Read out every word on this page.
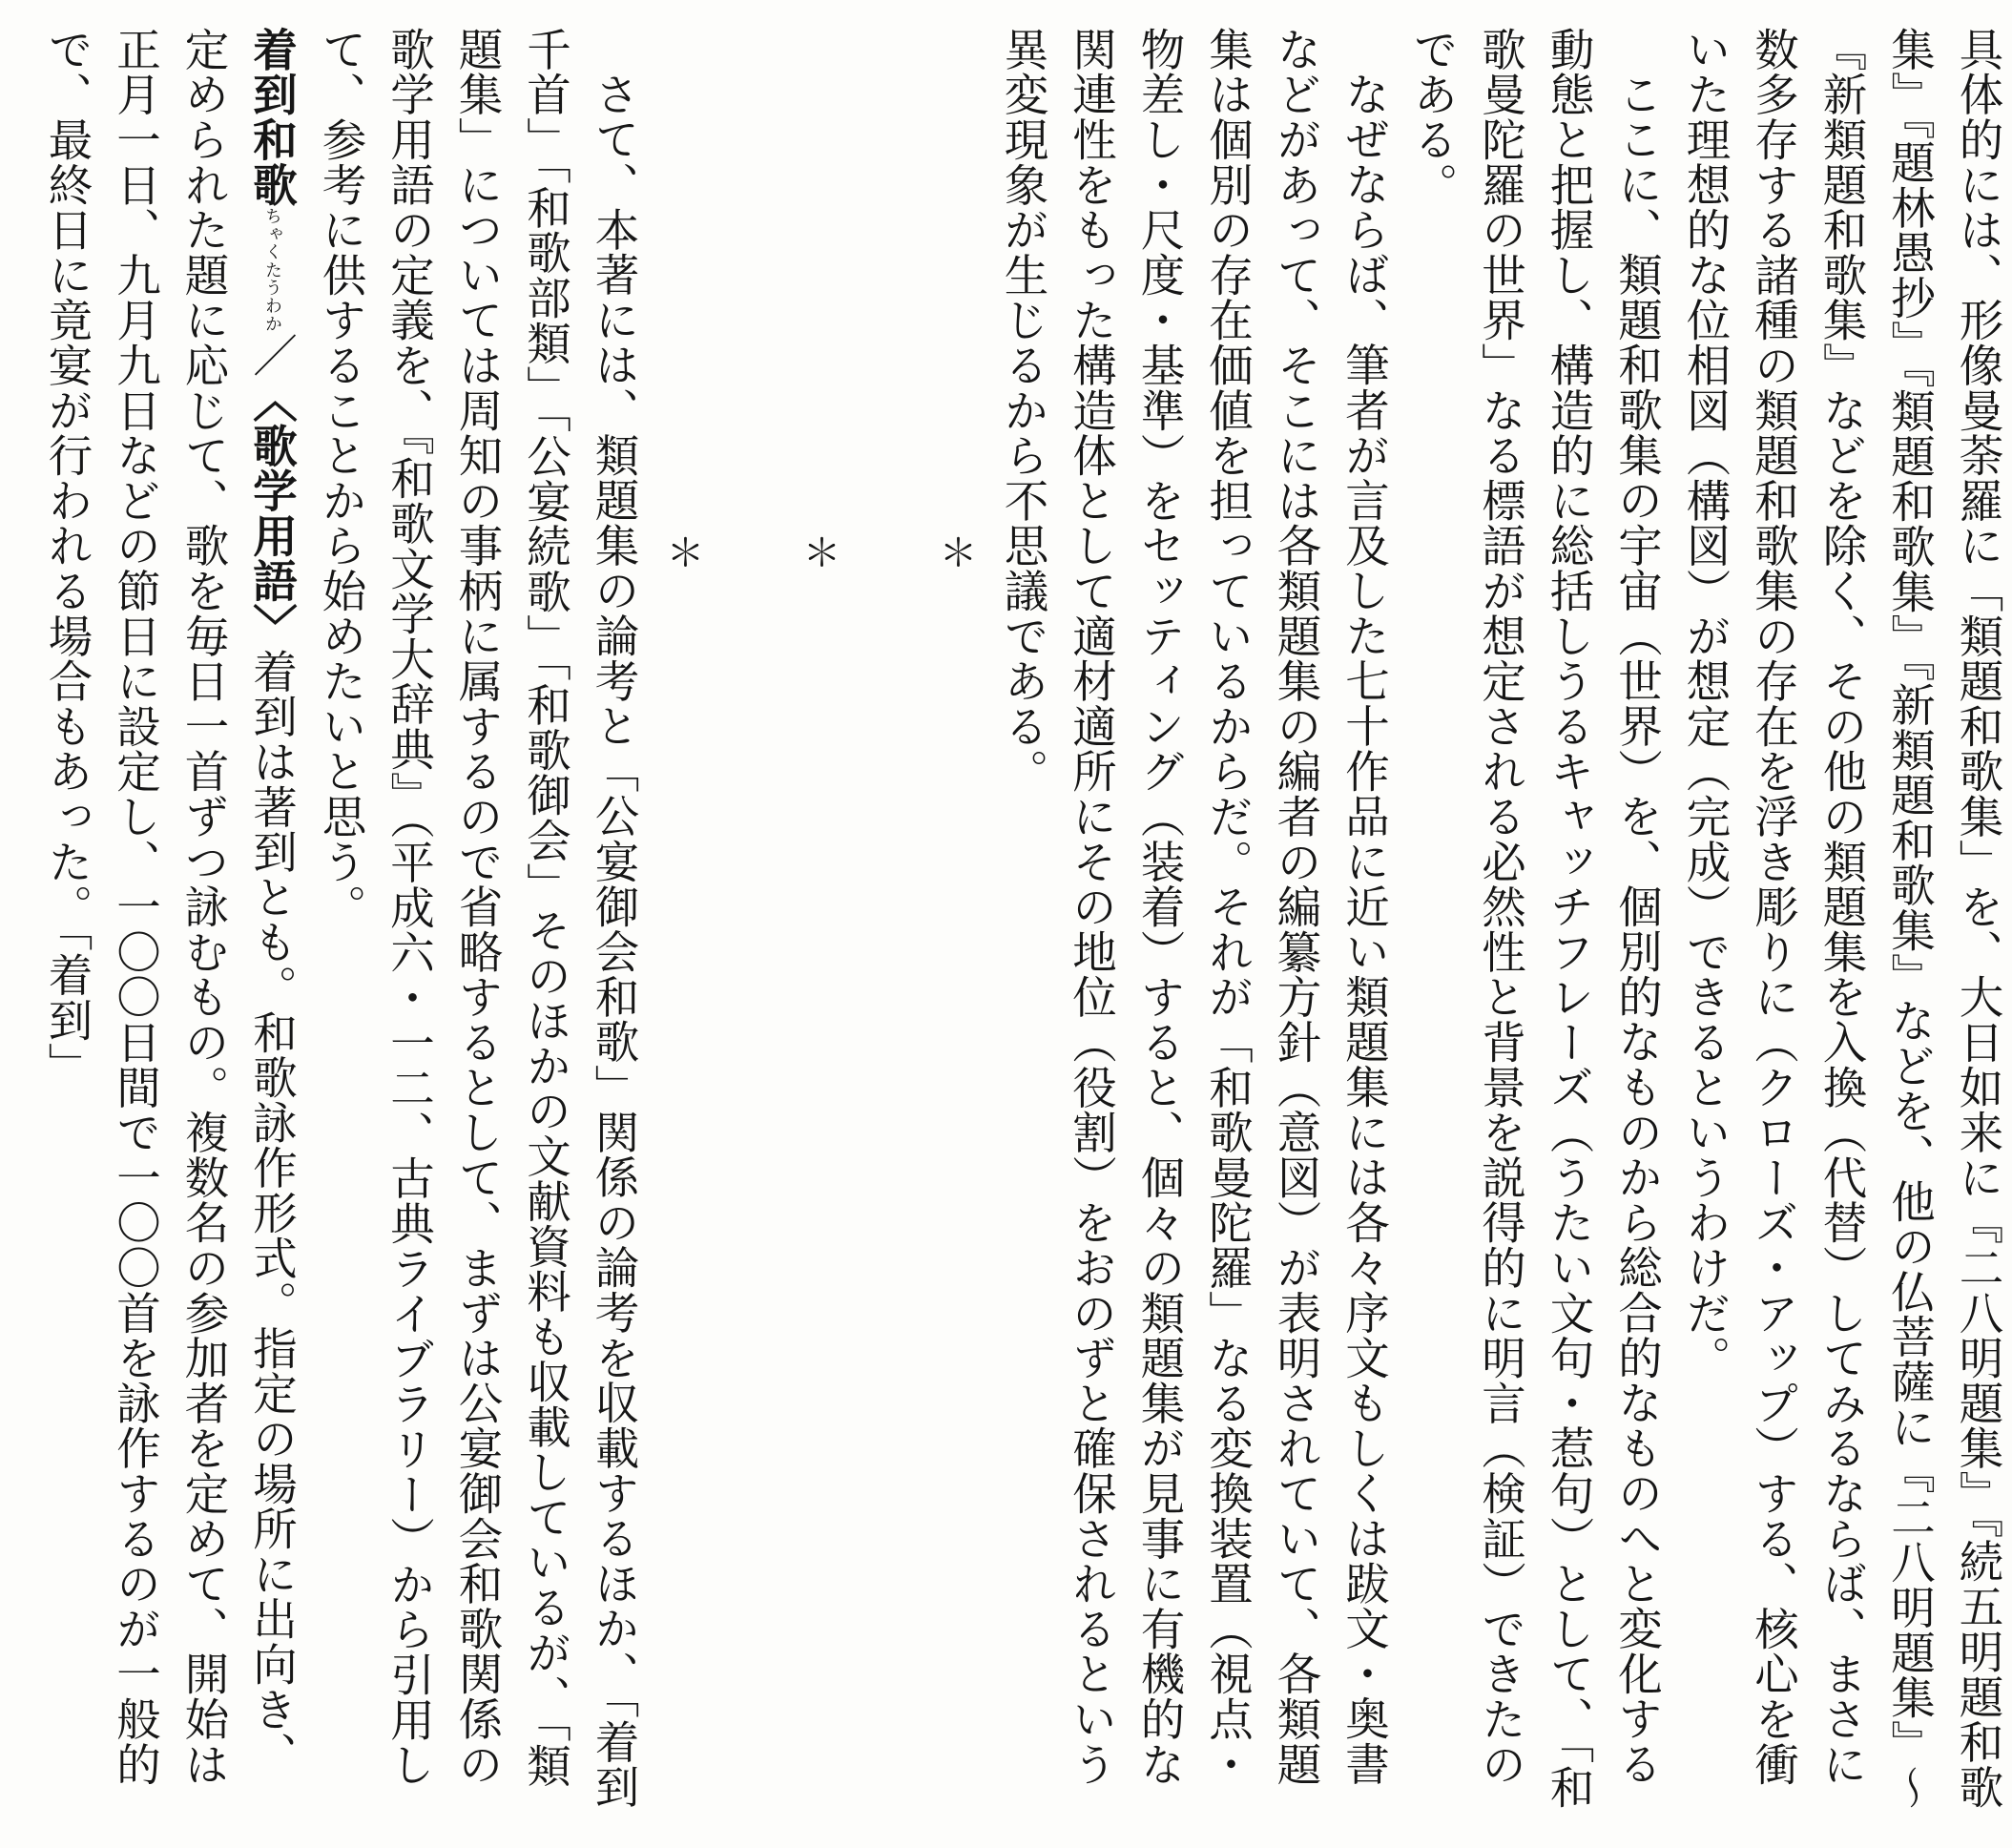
具体的には、形像曼荼羅に「類題和歌集」を、大日如来に『二八明題集』『続五明題和歌集』『題林愚抄』『類題和歌集』『新類題和歌集』などを、他の仏菩薩に『二八明題集』〜『新類題和歌集』などを除く、その他の類題集を入換（代替）してみるならば、まさに数多存する諸種の類題和歌集の存在を浮き彫りに（クローズ・アップ）する、核心を衝いた理想的な位相図（構図）が想定（完成）できるというわけだ。

ここに、類題和歌集の宇宙（世界）を、個別的なものから総合的なものへと変化する動態と把握し、構造的に総括しうるキャッチフレーズ（うたい文句・惹句）として、「和歌曼陀羅の世界」なる標語が想定される必然性と背景を説得的に明言（検証）できたのである。

なぜならば、筆者が言及した七十作品に近い類題集には各々序文もしくは跋文・奥書などがあって、そこには各類題集の編者の編纂方針（意図）が表明されていて、各類題集は個別の存在価値を担っているからだ。それが「和歌曼陀羅」なる変換装置（視点・物差し・尺度・基準）をセッティング（装着）すると、個々の類題集が見事に有機的な関連性をもった構造体として適材適所にその地位（役割）をおのずと確保されるという異変現象が生じるから不思議である。

＊
＊
＊

さて、本著には、類題集の論考と「公宴御会和歌」関係の論考を収載するほか、「着到千首」「和歌部類」「公宴続歌」「和歌御会」そのほかの文献資料も収載しているが、「類題集」については周知の事柄に属するので省略するとして、まずは公宴御会和歌関係の歌学用語の定義を、『和歌文学大辞典』（平成六・一二、古典ライブラリー）から引用して、参考に供することから始めたいと思う。

着到和歌ちゃくたうわか／〈歌学用語〉着到は著到とも。和歌詠作形式。指定の場所に出向き、定められた題に応じて、歌を毎日一首ずつ詠むもの。複数名の参加者を定めて、開始は正月一日、九月九日などの節日に設定し、一〇〇日間で一〇〇首を詠作するのが一般的で、最終日に竟宴が行われる場合もあった。「着到」
